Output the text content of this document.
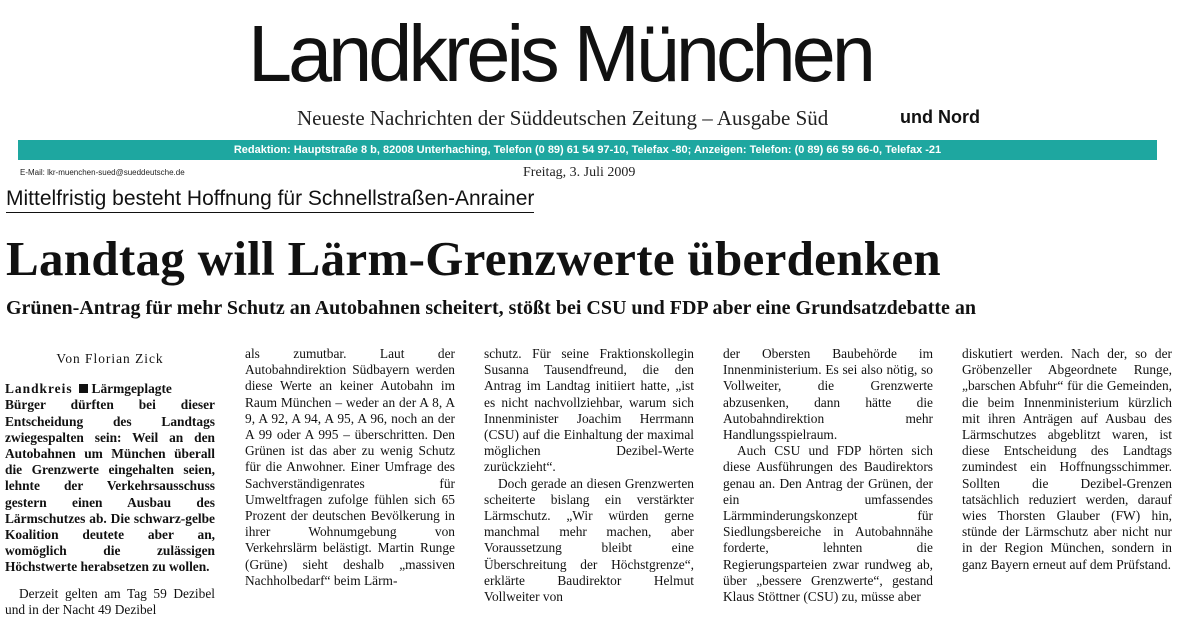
Landkreis München
Neueste Nachrichten der Süddeutschen Zeitung – Ausgabe Süd	und Nord
Redaktion: Hauptstraße 8 b, 82008 Unterhaching, Telefon (0 89) 61 54 97-10, Telefax -80; Anzeigen: Telefon: (0 89) 66 59 66-0, Telefax -21
E-Mail: lkr-muenchen-sued@sueddeutsche.de	Freitag, 3. Juli 2009
Mittelfristig besteht Hoffnung für Schnellstraßen-Anrainer
Landtag will Lärm-Grenzwerte überdenken
Grünen-Antrag für mehr Schutz an Autobahnen scheitert, stößt bei CSU und FDP aber eine Grundsatzdebatte an

Von Florian Zick

Landkreis Lärmgeplagte Bürger dürften bei dieser Entscheidung des Landtags zwiegespalten sein: Weil an den Autobahnen um München überall die Grenzwerte eingehalten seien, lehnte der Verkehrsausschuss gestern einen Ausbau des Lärmschutzes ab. Die schwarz-gelbe Koalition deutete aber an, womöglich die zulässigen Höchstwerte herabsetzen zu wollen.

Derzeit gelten am Tag 59 Dezibel und in der Nacht 49 Dezibel

als zumutbar. Laut der Autobahndirektion Südbayern werden diese Werte an keiner Autobahn im Raum München – weder an der A 8, A 9, A 92, A 94, A 95, A 96, noch an der A 99 oder A 995 – überschritten. Den Grünen ist das aber zu wenig Schutz für die Anwohner. Einer Umfrage des Sachverständigenrates für Umweltfragen zufolge fühlen sich 65 Prozent der deutschen Bevölkerung in ihrer Wohnumgebung von Verkehrslärm belästigt. Martin Runge (Grüne) sieht deshalb „massiven Nachholbedarf“ beim Lärm-

schutz. Für seine Fraktionskollegin Susanna Tausendfreund, die den Antrag im Landtag initiiert hatte, „ist es nicht nachvollziehbar, warum sich Innenminister Joachim Herrmann (CSU) auf die Einhaltung der maximal möglichen Dezibel-Werte zurückzieht“.

Doch gerade an diesen Grenzwerten scheiterte bislang ein verstärkter Lärmschutz. „Wir würden gerne manchmal mehr machen, aber Voraussetzung bleibt eine Überschreitung der Höchstgrenze“, erklärte Baudirektor Helmut Vollweiter von

der Obersten Baubehörde im Innenministerium. Es sei also nötig, so Vollweiter, die Grenzwerte abzusenken, dann hätte die Autobahndirektion mehr Handlungsspielraum.

Auch CSU und FDP hörten sich diese Ausführungen des Baudirektors genau an. Den Antrag der Grünen, der ein umfassendes Lärmminderungskonzept für Siedlungsbereiche in Autobahnnähe forderte, lehnten die Regierungsparteien zwar rundweg ab, über „bessere Grenzwerte“, gestand Klaus Stöttner (CSU) zu, müsse aber

diskutiert werden. Nach der, so der Gröbenzeller Abgeordnete Runge, „barschen Abfuhr“ für die Gemeinden, die beim Innenministerium kürzlich mit ihren Anträgen auf Ausbau des Lärmschutzes abgeblitzt waren, ist diese Entscheidung des Landtags zumindest ein Hoffnungsschimmer. Sollten die Dezibel-Grenzen tatsächlich reduziert werden, darauf wies Thorsten Glauber (FW) hin, stünde der Lärmschutz aber nicht nur in der Region München, sondern in ganz Bayern erneut auf dem Prüfstand.
